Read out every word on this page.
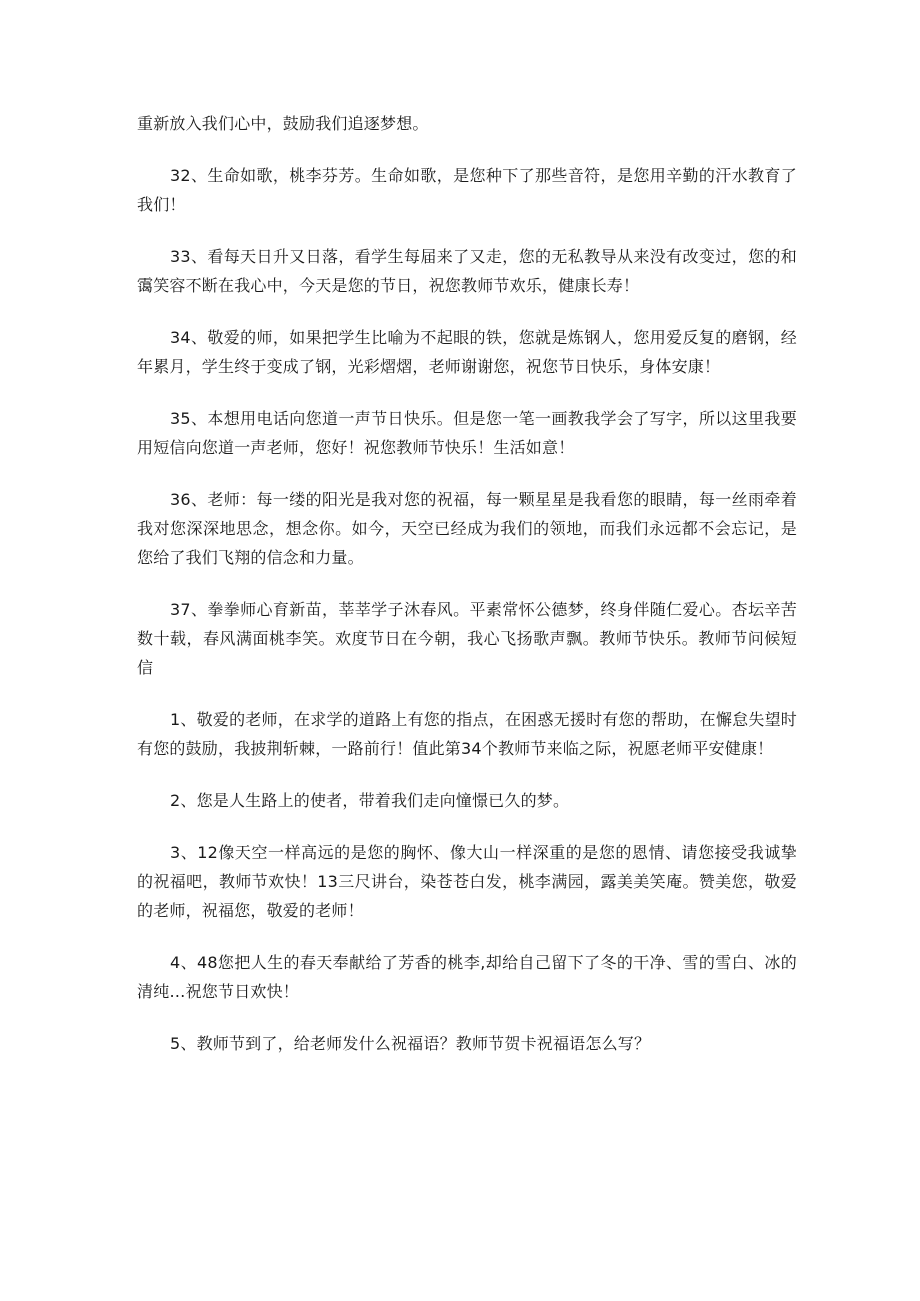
重新放入我们心中，鼓励我们追逐梦想。

32、生命如歌，桃李芬芳。生命如歌，是您种下了那些音符，是您用辛勤的汗水教育了我们！

33、看每天日升又日落，看学生每届来了又走，您的无私教导从来没有改变过，您的和霭笑容不断在我心中，今天是您的节日，祝您教师节欢乐，健康长寿！

34、敬爱的师，如果把学生比喻为不起眼的铁，您就是炼钢人，您用爱反复的磨钢，经年累月，学生终于变成了钢，光彩熠熠，老师谢谢您，祝您节日快乐，身体安康！

35、本想用电话向您道一声节日快乐。但是您一笔一画教我学会了写字，所以这里我要用短信向您道一声老师，您好！祝您教师节快乐！生活如意！

36、老师：每一缕的阳光是我对您的祝福，每一颗星星是我看您的眼睛，每一丝雨牵着我对您深深地思念，想念你。如今，天空已经成为我们的领地，而我们永远都不会忘记，是您给了我们飞翔的信念和力量。

37、拳拳师心育新苗，莘莘学子沐春风。平素常怀公德梦，终身伴随仁爱心。杏坛辛苦数十载，春风满面桃李笑。欢度节日在今朝，我心飞扬歌声飘。教师节快乐。教师节问候短信

1、敬爱的老师，在求学的道路上有您的指点，在困惑无援时有您的帮助，在懈怠失望时有您的鼓励，我披荆斩棘，一路前行！值此第34个教师节来临之际，祝愿老师平安健康！

2、您是人生路上的使者，带着我们走向憧憬已久的梦。

3、12像天空一样高远的是您的胸怀、像大山一样深重的是您的恩情、请您接受我诚挚的祝福吧，教师节欢快！13三尺讲台，染苍苍白发，桃李满园，露美美笑庵。赞美您，敬爱的老师，祝福您，敬爱的老师！

4、48您把人生的春天奉献给了芳香的桃李,却给自己留下了冬的干净、雪的雪白、冰的清纯…祝您节日欢快！

5、教师节到了，给老师发什么祝福语？教师节贺卡祝福语怎么写？
